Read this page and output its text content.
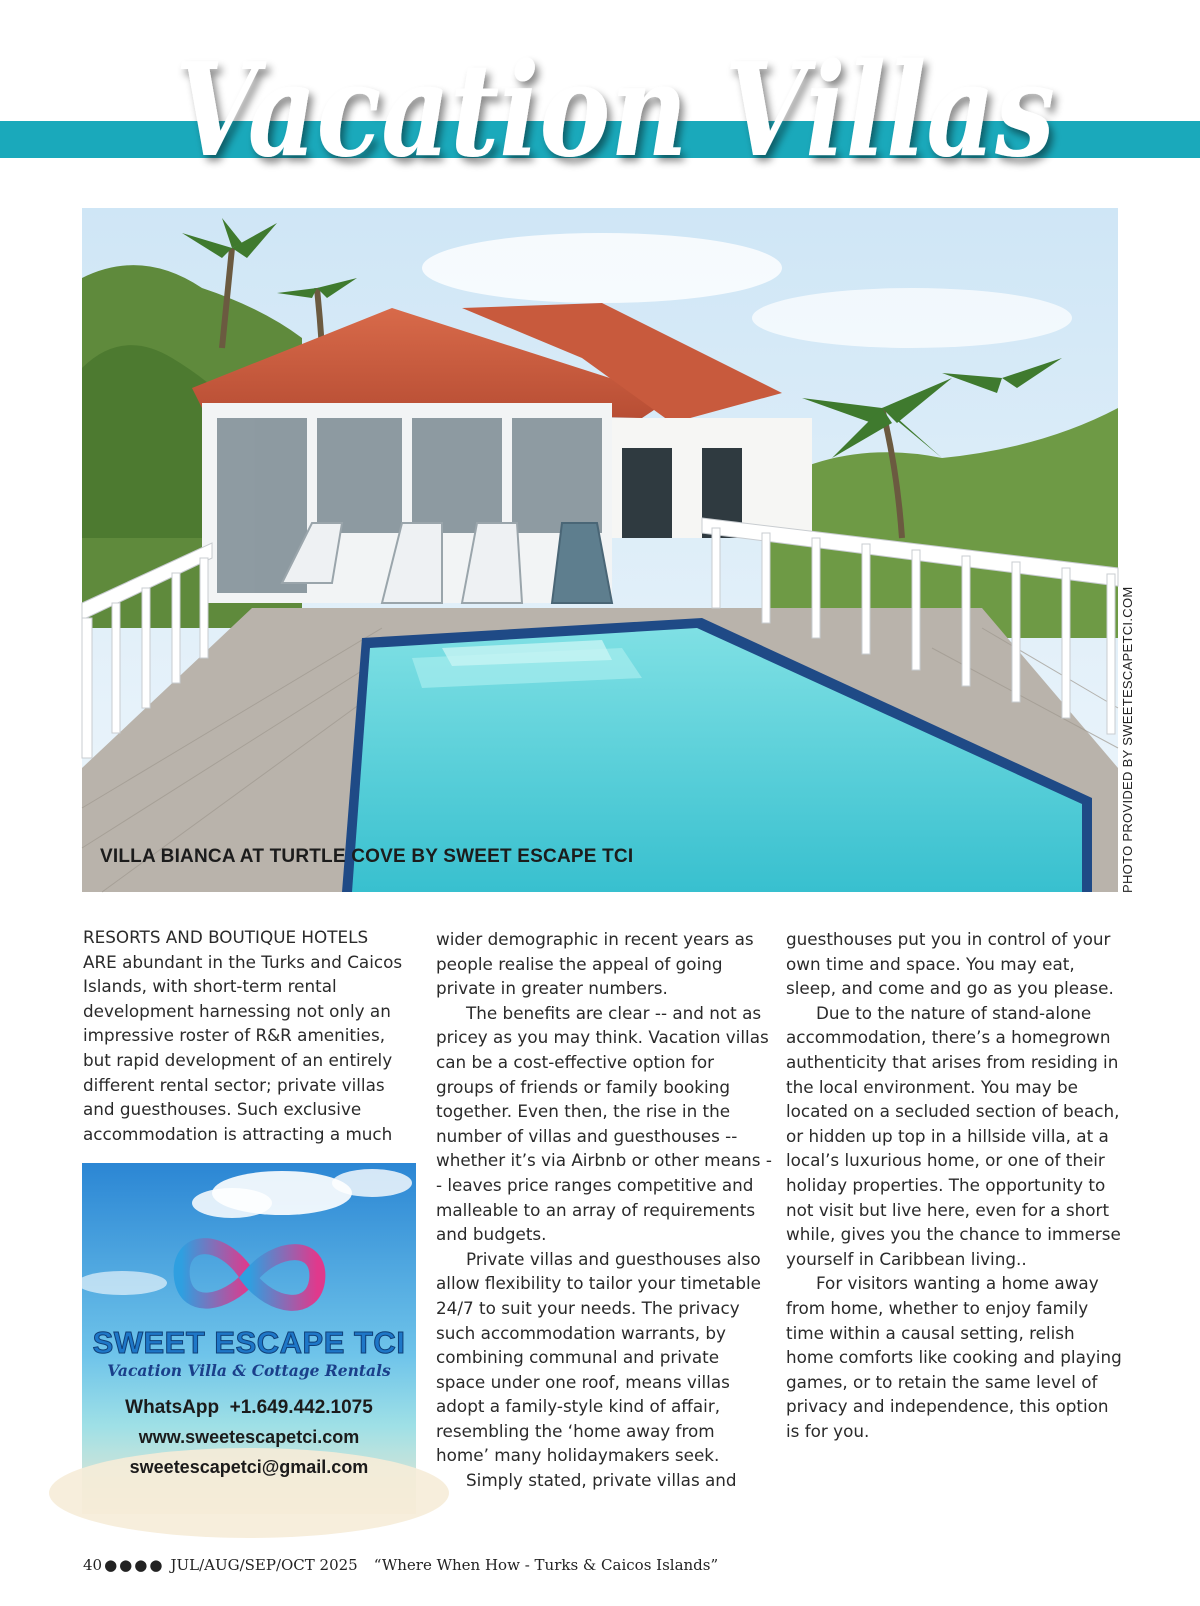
Vacation Villas
VILLA BIANCA AT TURTLE COVE BY SWEET ESCAPE TCI	PHOTO PROVIDED BY SWEETESCAPETCI.COM

RESORTS AND BOUTIQUE HOTELS ARE abundant in the Turks and Caicos Islands, with short-term rental development harnessing not only an impressive roster of R&R amenities, but rapid development of an entirely different rental sector; private villas and guesthouses. Such exclusive accommodation is attracting a much

SWEET ESCAPE TCI
Vacation Villa & Cottage Rentals
WhatsApp  +1.649.442.1075
www.sweetescapetci.com
sweetescapetci@gmail.com

wider demographic in recent years as people realise the appeal of going private in greater numbers.

The benefits are clear -- and not as pricey as you may think. Vacation villas can be a cost-effective option for groups of friends or family booking together. Even then, the rise in the number of villas and guesthouses -- whether it’s via Airbnb or other means -- leaves price ranges competitive and malleable to an array of requirements and budgets.

Private villas and guesthouses also allow flexibility to tailor your timetable 24/7 to suit your needs. The privacy such accommodation warrants, by combining communal and private space under one roof, means villas adopt a family-style kind of affair, resembling the ‘home away from home’ many holidaymakers seek.

Simply stated, private villas and

guesthouses put you in control of your own time and space. You may eat, sleep, and come and go as you please.

Due to the nature of stand-alone accommodation, there’s a homegrown authenticity that arises from residing in the local environment. You may be located on a secluded section of beach, or hidden up top in a hillside villa, at a local’s luxurious home, or one of their holiday properties. The opportunity to not visit but live here, even for a short while, gives you the chance to immerse yourself in Caribbean living..

For visitors wanting a home away from home, whether to enjoy family time within a causal setting, relish home comforts like cooking and playing games, or to retain the same level of privacy and independence, this option is for you.

40 ●●●● JUL/AUG/SEP/OCT 2025 “Where When How - Turks & Caicos Islands”
